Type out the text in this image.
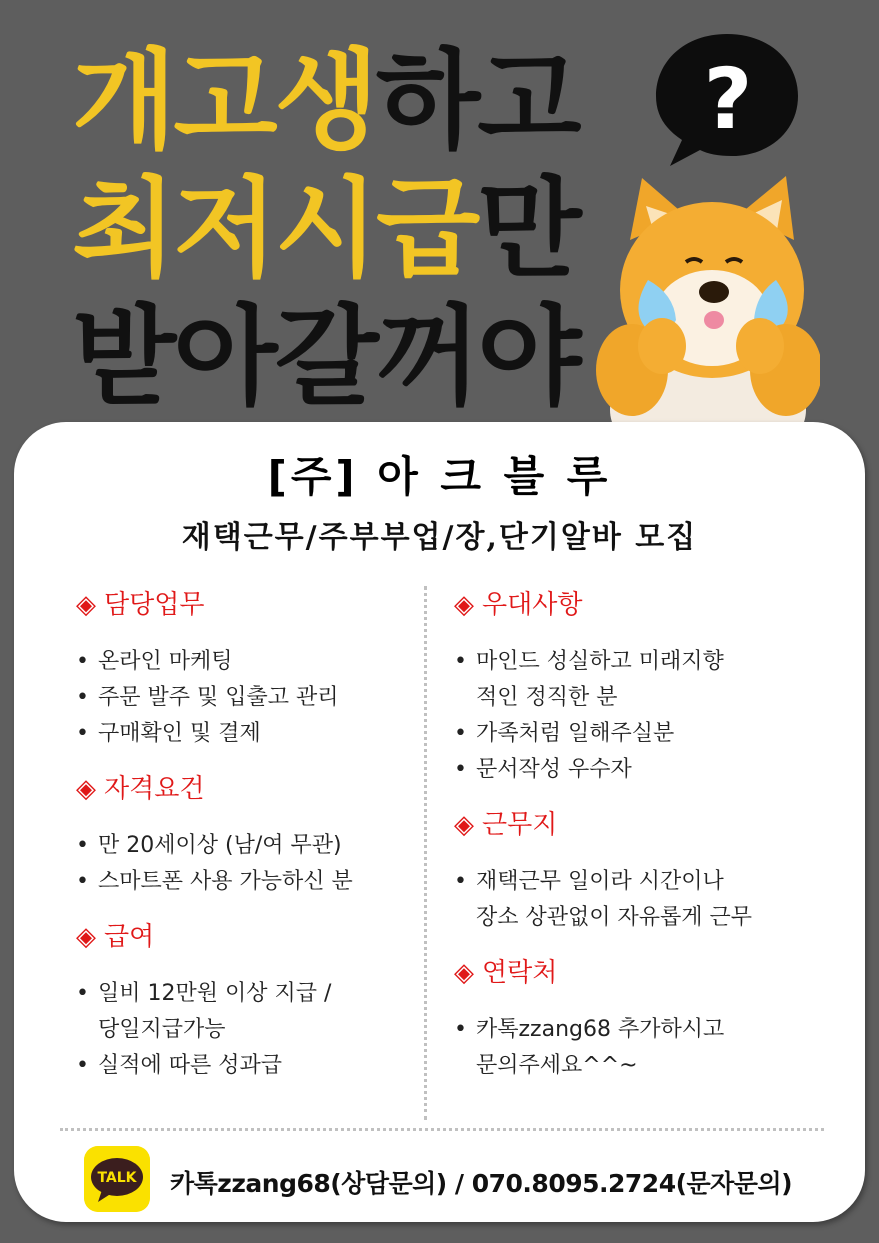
개고생하고
최저시급만
받아갈꺼야
?
[주] 아 크 블 루
재택근무/주부부업/장,단기알바 모집
◈ 담당업무
• 온라인 마케팅
• 주문 발주 및 입출고 관리
• 구매확인 및 결제
◈ 자격요건
• 만 20세이상 (남/여 무관)
• 스마트폰 사용 가능하신 분
◈ 급여
• 일비 12만원 이상 지급 /
당일지급가능
• 실적에 따른 성과급
◈ 우대사항
• 마인드 성실하고 미래지향
적인 정직한 분
• 가족처럼 일해주실분
• 문서작성 우수자
◈ 근무지
• 재택근무 일이라 시간이나
장소 상관없이 자유롭게 근무
◈ 연락처
• 카톡zzang68 추가하시고
문의주세요^^~
TALK 카톡zzang68(상담문의) / 070.8095.2724(문자문의)
